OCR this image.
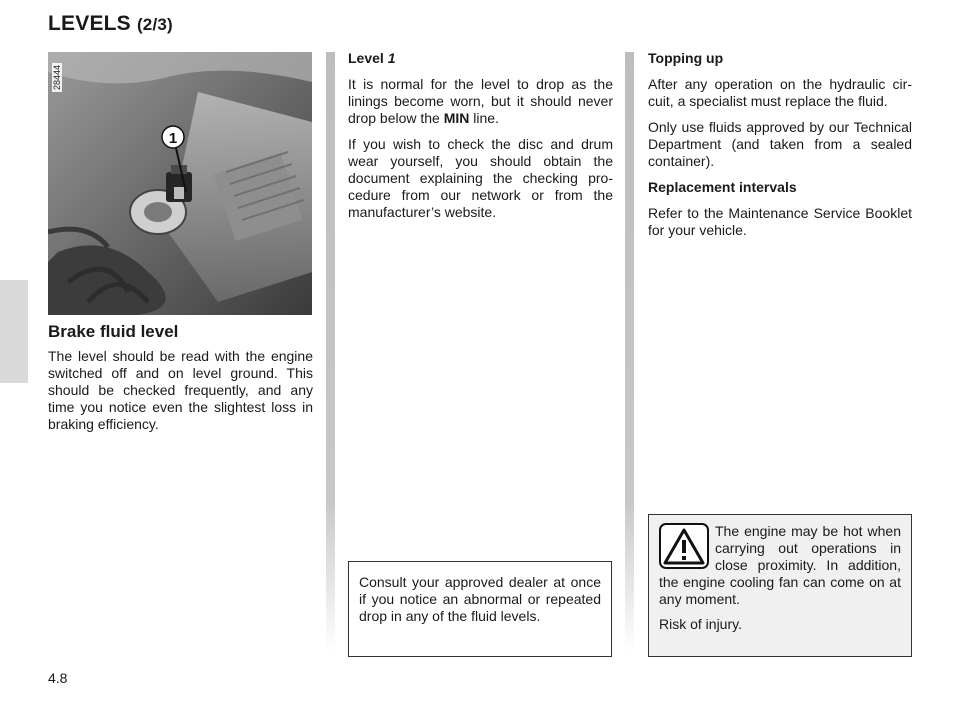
LEVELS (2/3)
1
28444
Brake fluid level

The level should be read with the engine switched off and on level ground. This should be checked frequently, and any time you notice even the slightest loss in braking efficiency.

Level 1

It is normal for the level to drop as the linings become worn, but it should never drop below the MIN line.

If you wish to check the disc and drum wear yourself, you should obtain the document explaining the checking procedure from our network or from the manufacturer’s website.

Consult your approved dealer at once if you notice an abnormal or repeated drop in any of the fluid levels.

Topping up

After any operation on the hydraulic circuit, a specialist must replace the fluid.

Only use fluids approved by our Technical Department (and taken from a sealed container).

Replacement intervals

Refer to the Maintenance Service Booklet for your vehicle.

The engine may be hot when carrying out operations in close proximity. In addition, the engine cooling fan can come on at any moment.

Risk of injury.

4.8
